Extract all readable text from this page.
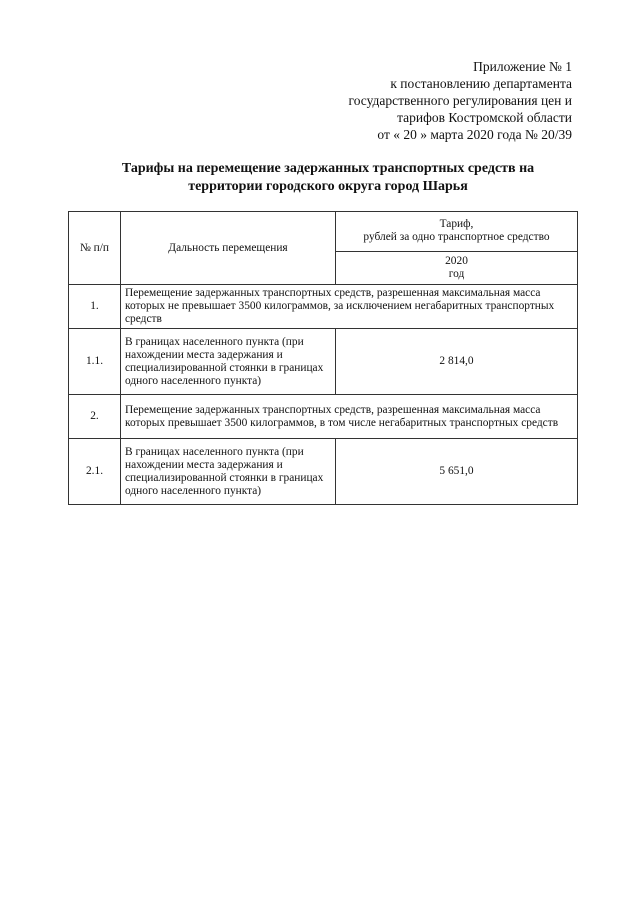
Приложение № 1
к постановлению департамента
государственного регулирования цен и
тарифов Костромской области
от « 20 » марта 2020 года № 20/39
Тарифы на перемещение задержанных транспортных средств на
территории городского округа город Шарья
№ п/п	Дальность перемещения	Тариф,
рублей за одно транспортное средство

		2020
год

1.	Перемещение задержанных транспортных средств, разрешенная максимальная масса которых не превышает 3500 килограммов, за исключением негабаритных транспортных средств	
1.1.	В границах населенного пункта (при нахождении места задержания и специализированной стоянки в границах одного населенного пункта)	2 814,0
2.	Перемещение задержанных транспортных средств, разрешенная максимальная масса которых превышает 3500 килограммов, в том числе негабаритных транспортных средств	
2.1.	В границах населенного пункта (при нахождении места задержания и специализированной стоянки в границах одного населенного пункта)	5 651,0
